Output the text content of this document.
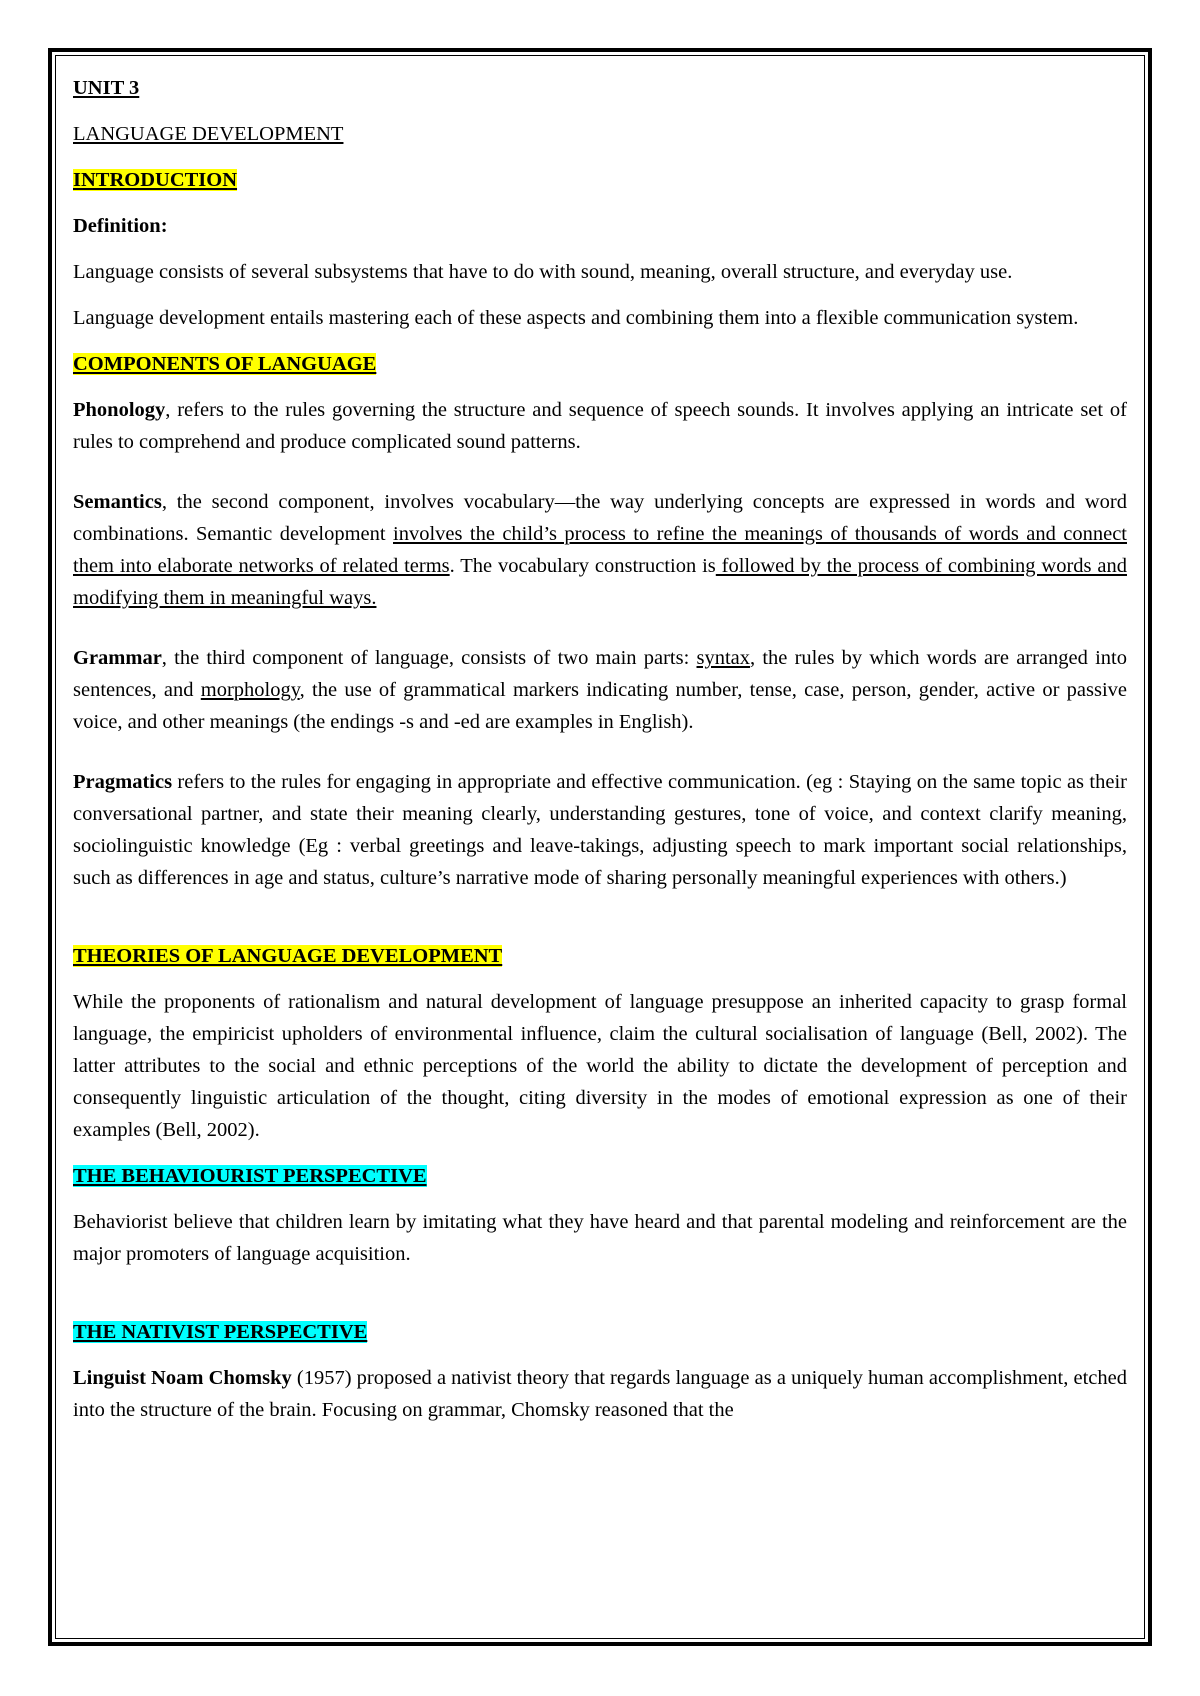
UNIT 3

LANGUAGE DEVELOPMENT

INTRODUCTION

Definition:

Language consists of several subsystems that have to do with sound, meaning, overall structure, and everyday use.

Language development entails mastering each of these aspects and combining them into a flexible communication system.

COMPONENTS OF LANGUAGE

Phonology, refers to the rules governing the structure and sequence of speech sounds. It involves applying an intricate set of rules to comprehend and produce complicated sound patterns.

Semantics, the second component, involves vocabulary—the way underlying concepts are expressed in words and word combinations. Semantic development involves the child’s process to refine the meanings of thousands of words and connect them into elaborate networks of related terms. The vocabulary construction is followed by the process of combining words and modifying them in meaningful ways.

Grammar, the third component of language, consists of two main parts: syntax, the rules by which words are arranged into sentences, and morphology, the use of grammatical markers indicating number, tense, case, person, gender, active or passive voice, and other meanings (the endings -s and -ed are examples in English).

Pragmatics refers to the rules for engaging in appropriate and effective communication. (eg : Staying on the same topic as their conversational partner, and state their meaning clearly, understanding gestures, tone of voice, and context clarify meaning, sociolinguistic knowledge (Eg : verbal greetings and leave-takings, adjusting speech to mark important social relationships, such as differences in age and status, culture’s narrative mode of sharing personally meaningful experiences with others.)

THEORIES OF LANGUAGE DEVELOPMENT

While the proponents of rationalism and natural development of language presuppose an inherited capacity to grasp formal language, the empiricist upholders of environmental influence, claim the cultural socialisation of language (Bell, 2002). The latter attributes to the social and ethnic perceptions of the world the ability to dictate the development of perception and consequently linguistic articulation of the thought, citing diversity in the modes of emotional expression as one of their examples (Bell, 2002).

THE BEHAVIOURIST PERSPECTIVE

Behaviorist believe that children learn by imitating what they have heard and that parental modeling and reinforcement are the major promoters of language acquisition.

THE NATIVIST PERSPECTIVE

Linguist Noam Chomsky (1957) proposed a nativist theory that regards language as a uniquely human accomplishment, etched into the structure of the brain. Focusing on grammar, Chomsky reasoned that the
